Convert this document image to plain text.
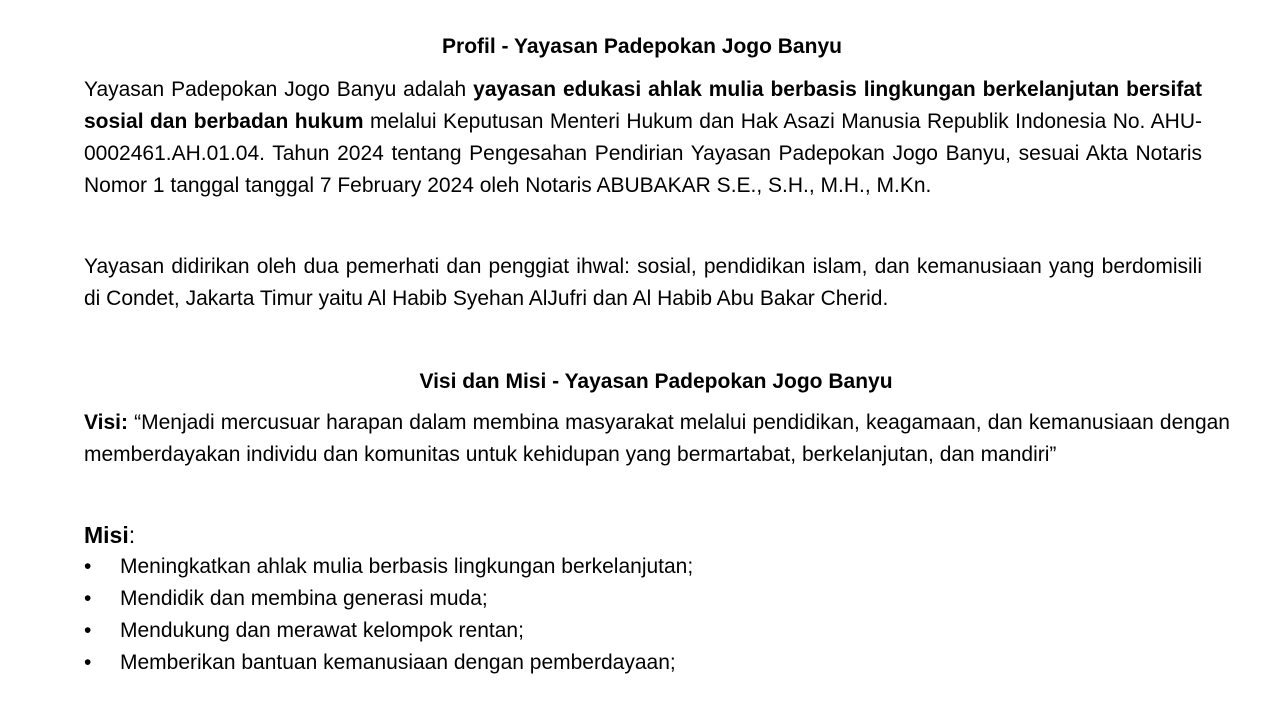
Profil - Yayasan Padepokan Jogo Banyu
Yayasan Padepokan Jogo Banyu adalah yayasan edukasi ahlak mulia berbasis lingkungan berkelanjutan bersifat sosial dan berbadan hukum melalui Keputusan Menteri Hukum dan Hak Asazi Manusia Republik Indonesia No. AHU-0002461.AH.01.04. Tahun 2024 tentang Pengesahan Pendirian Yayasan Padepokan Jogo Banyu, sesuai Akta Notaris Nomor 1 tanggal tanggal 7 February 2024 oleh Notaris ABUBAKAR S.E., S.H., M.H., M.Kn.
Yayasan didirikan oleh dua pemerhati dan penggiat ihwal: sosial, pendidikan islam, dan kemanusiaan yang berdomisili di Condet, Jakarta Timur yaitu Al Habib Syehan AlJufri dan Al Habib Abu Bakar Cherid.
Visi dan Misi - Yayasan Padepokan Jogo Banyu
Visi: “Menjadi mercusuar harapan dalam membina masyarakat melalui pendidikan, keagamaan, dan kemanusiaan dengan memberdayakan individu dan komunitas untuk kehidupan yang bermartabat, berkelanjutan, dan mandiri”
Misi:
•	Meningkatkan ahlak mulia berbasis lingkungan berkelanjutan;
•	Mendidik dan membina generasi muda;
•	Mendukung dan merawat kelompok rentan;
•	Memberikan bantuan kemanusiaan dengan pemberdayaan;
